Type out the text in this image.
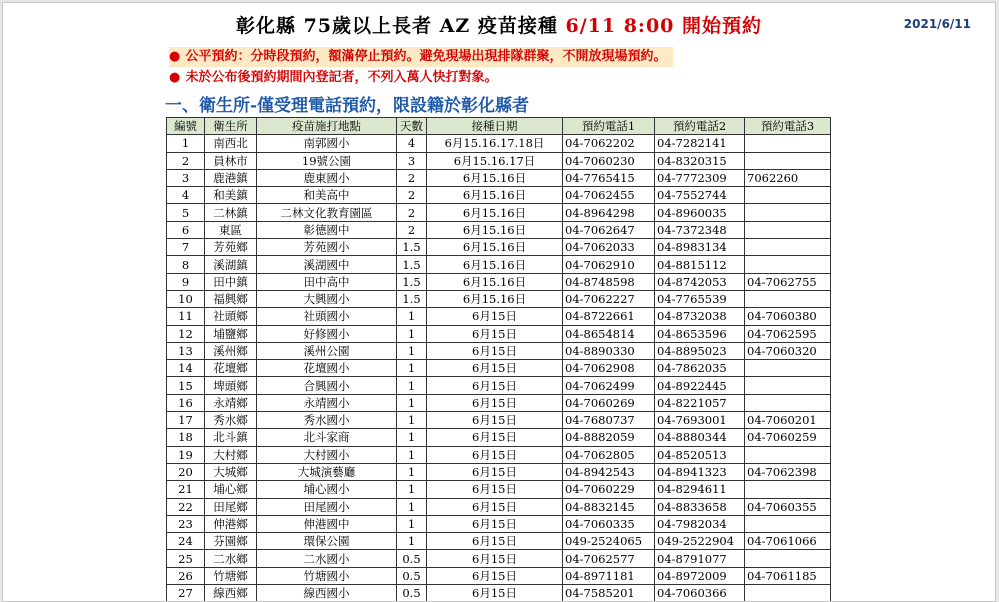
2021/6/11
彰化縣 75歲以上長者 AZ 疫苗接種 6/11 8:00 開始預約
● 公平預約：分時段預約，額滿停止預約。避免現場出現排隊群聚，不開放現場預約。
● 未於公布後預約期間內登記者，不列入萬人快打對象。
一、衛生所-僅受理電話預約，限設籍於彰化縣者
編號	衛生所	疫苗施打地點	天數	接種日期	預約電話1	預約電話2	預約電話3
1	南西北	南郭國小	4	6月15.16.17.18日	04-7062202	04-7282141	
2	員林市	19號公園	3	6月15.16.17日	04-7060230	04-8320315	
3	鹿港鎮	鹿東國小	2	6月15.16日	04-7765415	04-7772309	7062260
4	和美鎮	和美高中	2	6月15.16日	04-7062455	04-7552744	
5	二林鎮	二林文化教育園區	2	6月15.16日	04-8964298	04-8960035	
6	東區	彰德國中	2	6月15.16日	04-7062647	04-7372348	
7	芳苑鄉	芳苑國小	1.5	6月15.16日	04-7062033	04-8983134	
8	溪湖鎮	溪湖國中	1.5	6月15.16日	04-7062910	04-8815112	
9	田中鎮	田中高中	1.5	6月15.16日	04-8748598	04-8742053	04-7062755
10	福興鄉	大興國小	1.5	6月15.16日	04-7062227	04-7765539	
11	社頭鄉	社頭國小	1	6月15日	04-8722661	04-8732038	04-7060380
12	埔鹽鄉	好修國小	1	6月15日	04-8654814	04-8653596	04-7062595
13	溪州鄉	溪州公園	1	6月15日	04-8890330	04-8895023	04-7060320
14	花壇鄉	花壇國小	1	6月15日	04-7062908	04-7862035	
15	埤頭鄉	合興國小	1	6月15日	04-7062499	04-8922445	
16	永靖鄉	永靖國小	1	6月15日	04-7060269	04-8221057	
17	秀水鄉	秀水國小	1	6月15日	04-7680737	04-7693001	04-7060201
18	北斗鎮	北斗家商	1	6月15日	04-8882059	04-8880344	04-7060259
19	大村鄉	大村國小	1	6月15日	04-7062805	04-8520513	
20	大城鄉	大城演藝廳	1	6月15日	04-8942543	04-8941323	04-7062398
21	埔心鄉	埔心國小	1	6月15日	04-7060229	04-8294611	
22	田尾鄉	田尾國小	1	6月15日	04-8832145	04-8833658	04-7060355
23	伸港鄉	伸港國中	1	6月15日	04-7060335	04-7982034	
24	芬園鄉	環保公園	1	6月15日	049-2524065	049-2522904	04-7061066
25	二水鄉	二水國小	0.5	6月15日	04-7062577	04-8791077	
26	竹塘鄉	竹塘國小	0.5	6月15日	04-8971181	04-8972009	04-7061185
27	線西鄉	線西國小	0.5	6月15日	04-7585201	04-7060366	
